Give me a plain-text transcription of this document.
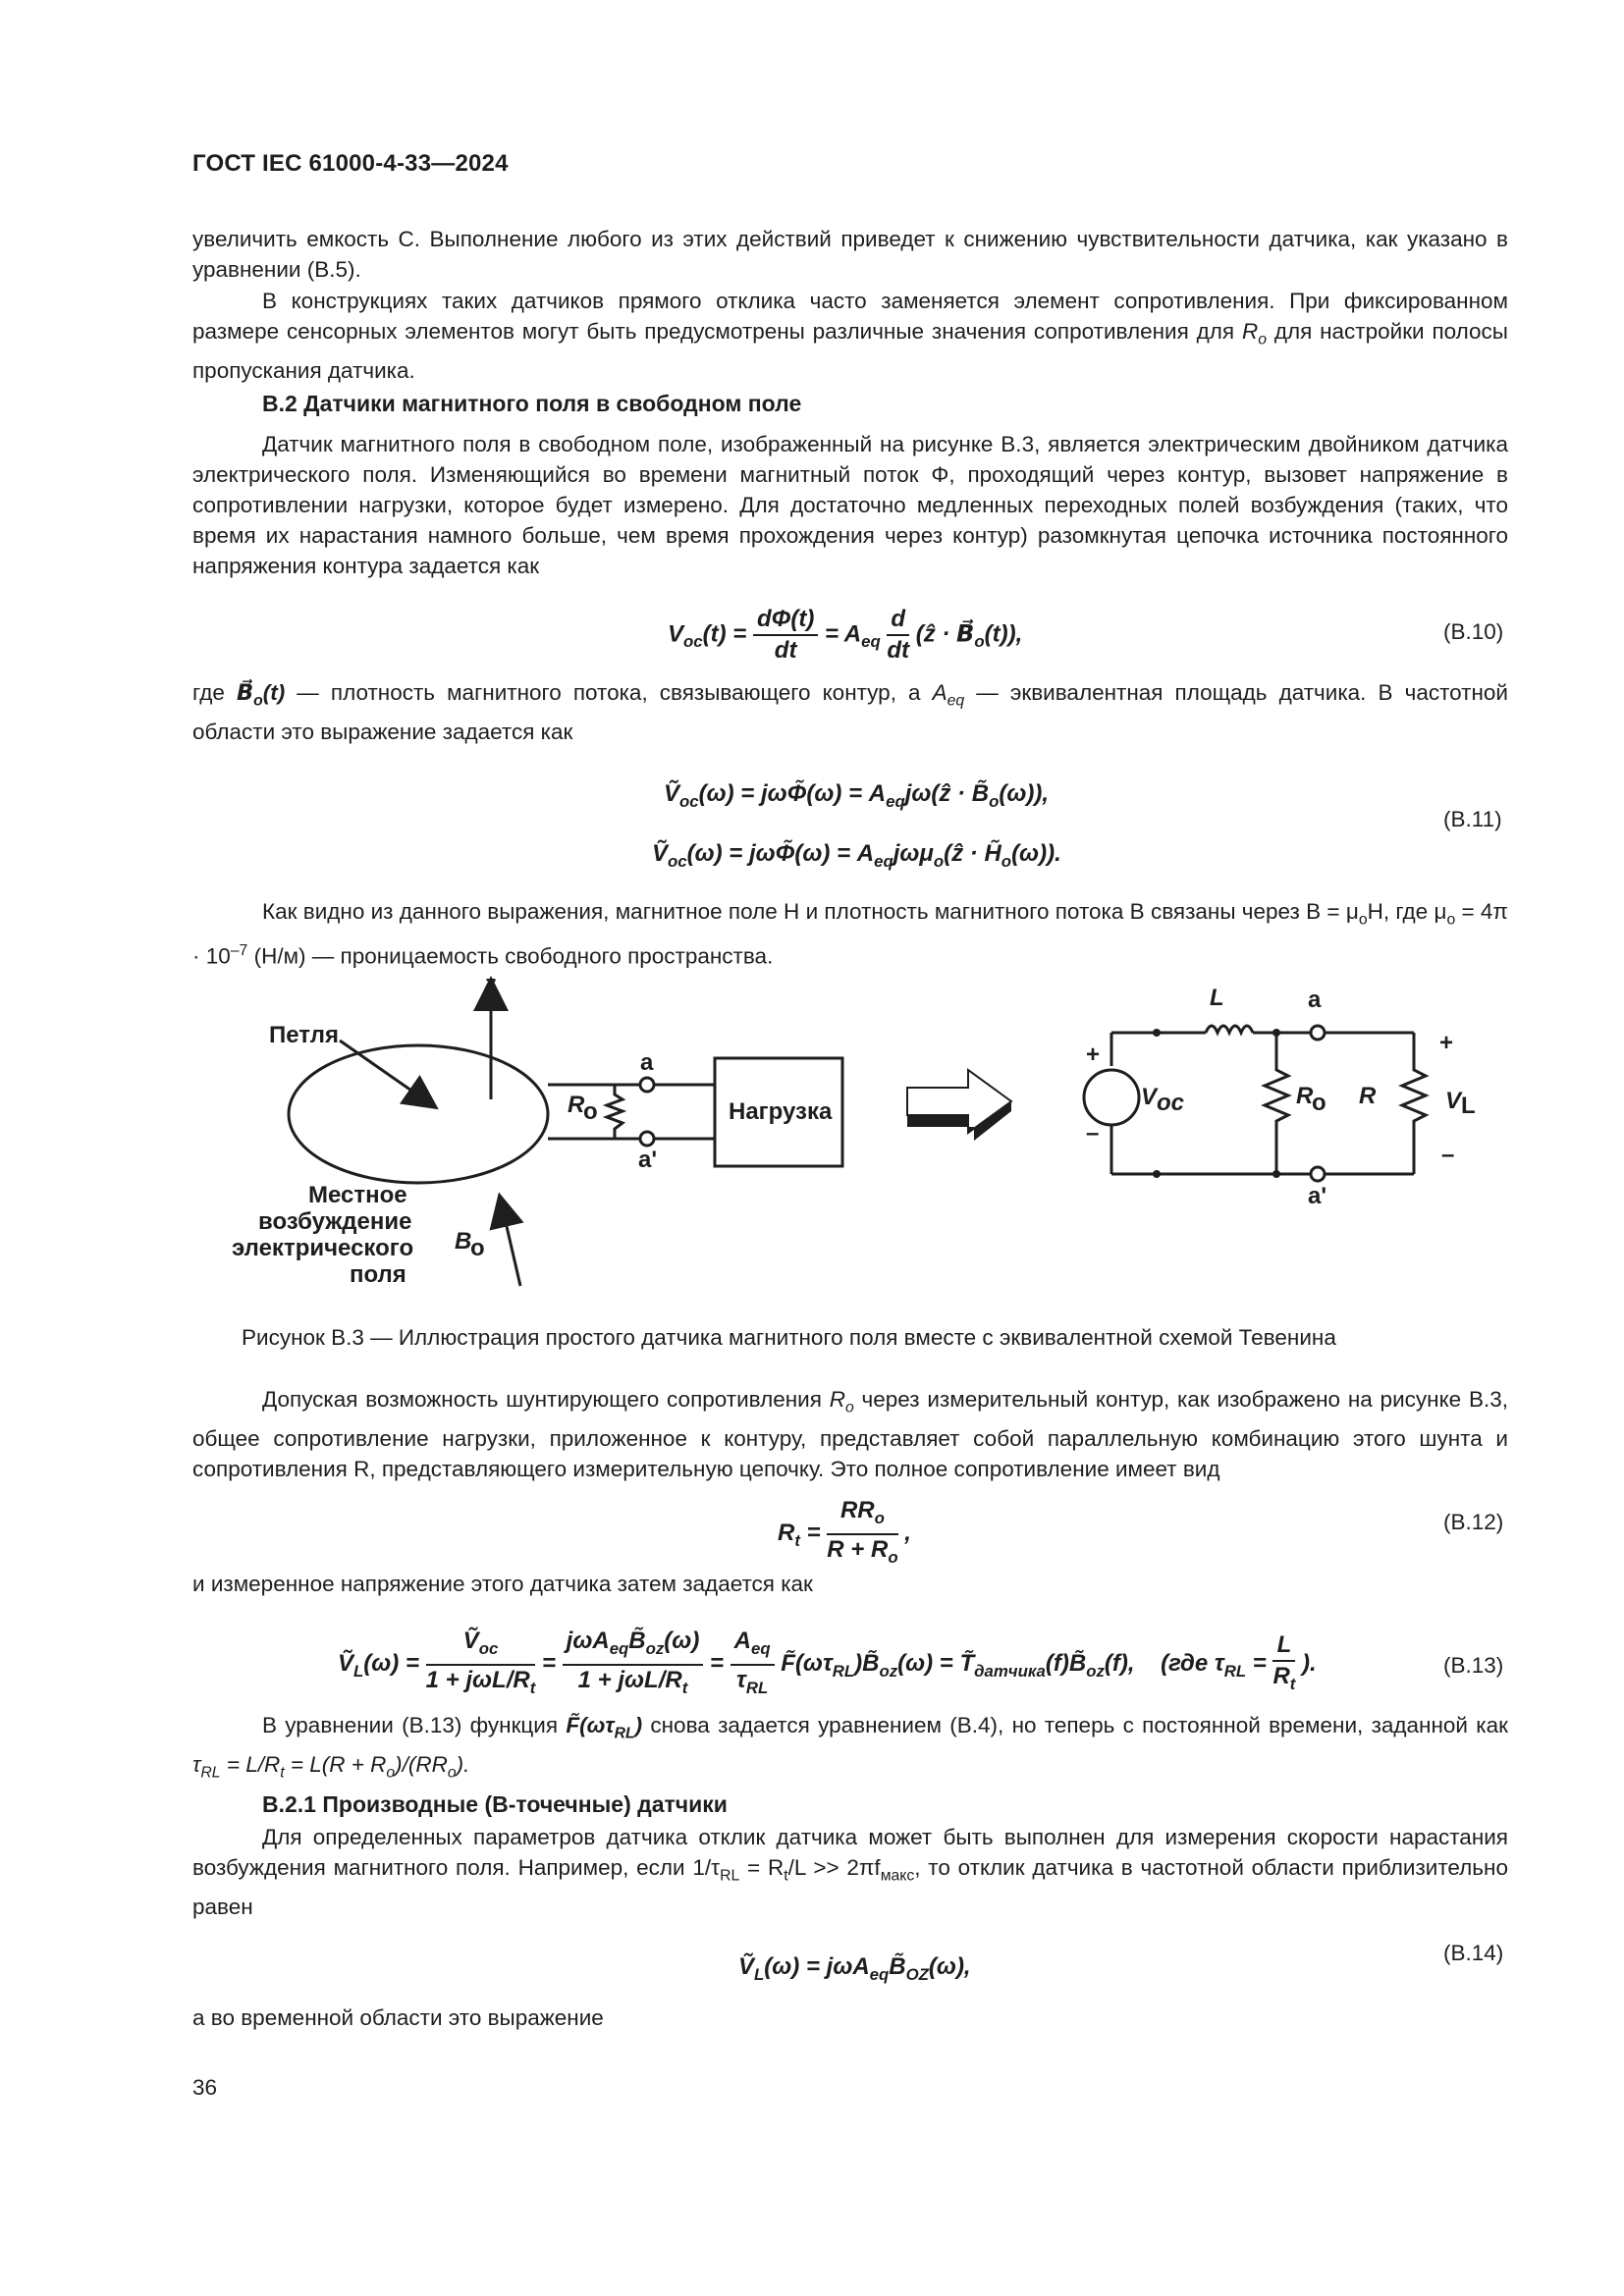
ГОСТ IEC 61000-4-33—2024
увеличить емкость C. Выполнение любого из этих действий приведет к снижению чувствительности датчика, как указано в уравнении (B.5).
В конструкциях таких датчиков прямого отклика часто заменяется элемент сопротивления. При фиксированном размере сенсорных элементов могут быть предусмотрены различные значения сопротивления для $R_o$ для настройки полосы пропускания датчика.
B.2 Датчики магнитного поля в свободном поле
Датчик магнитного поля в свободном поле, изображенный на рисунке B.3, является электрическим двойником датчика электрического поля. Изменяющийся во времени магнитный поток Φ, проходящий через контур, вызовет напряжение в сопротивлении нагрузки, которое будет измерено. Для достаточно медленных переходных полей возбуждения (таких, что время их нарастания намного больше, чем время прохождения через контур) разомкнутая цепочка источника постоянного напряжения контура задается как
$V_{oc}(t) = \frac{d\Phi(t)}{dt} = A_{eq} \frac{d}{dt}$ (ẑ · $B⃗_o(t)$),	(B.10)
где $B⃗_o(t)$ — плотность магнитного потока, связывающего контур, а $A_{eq}$ — эквивалентная площадь датчика. В частотной области это выражение задается как
Ṽ$_{oc}$(ω) = jωΦ̃(ω) = $A_{eq}j\omega(ẑ$ · $B̃_o(\omega)$),
Ṽ$_{oc}$(ω) = jωΦ̃(ω) = $A_{eq}j\omega\mu_o(ẑ$ · $H̃_o(\omega)$).
(B.11)
Как видно из данного выражения, магнитное поле H и плотность магнитного потока B связаны через $B = \mu_oH$, где $\mu_o = 4\pi \cdot 10^{-7}$ (H/м) — проницаемость свободного пространства.
z
Петля
a
a'
R
o	Нагрузка
Местное
возбуждение
электрического
поля
B
o
L	a
V oc
+
–
a'
R
o R
+
–
V L
Рисунок B.3 — Иллюстрация простого датчика магнитного поля вместе с эквивалентной схемой Тевенина
Допуская возможность шунтирующего сопротивления $R_o$ через измерительный контур, как изображено на рисунке B.3, общее сопротивление нагрузки, приложенное к контуру, представляет собой параллельную комбинацию этого шунта и сопротивления R, представляющего измерительную цепочку. Это полное сопротивление имеет вид
$R_t = \frac{RR_o}{R + R_o}$ ,	(B.12)
и измеренное напряжение этого датчика затем задается как
Ṽ$_L$(ω) = $\frac{Ṽ_{oc}}{1 + j\omega L/R_t} = \frac{j\omega A_{eq}B̃_{oz}(\omega)}{1 + j\omega L/R_t} = \frac{A_{eq}}{\tau_{RL}}$ $F̃(\omega\tau_{RL})B̃_{oz}(\omega)$ = $T̃_{датчика}(f)B̃_{oz}(f)$,    (где $\tau_{RL} = \frac{L}{R_t}$ ).	(B.13)
В уравнении (B.13) функция $F̃(\omega\tau_{RL})$ снова задается уравнением (B.4), но теперь с постоянной времени, заданной как $\tau_{RL} = L/R_t = L(R + R_o)/(RR_o)$.
B.2.1 Производные (B-точечные) датчики
Для определенных параметров датчика отклик датчика может быть выполнен для измерения скорости нарастания возбуждения магнитного поля. Например, если $1/\tau_{RL} = R_t/L >> 2\pi f_{макс}$, то отклик датчика в частотной области приблизительно равен
Ṽ$_L$(ω) = $j\omega A_{eq}B̃_{OZ}(\omega)$,
(B.14)
а во временной области это выражение
36
